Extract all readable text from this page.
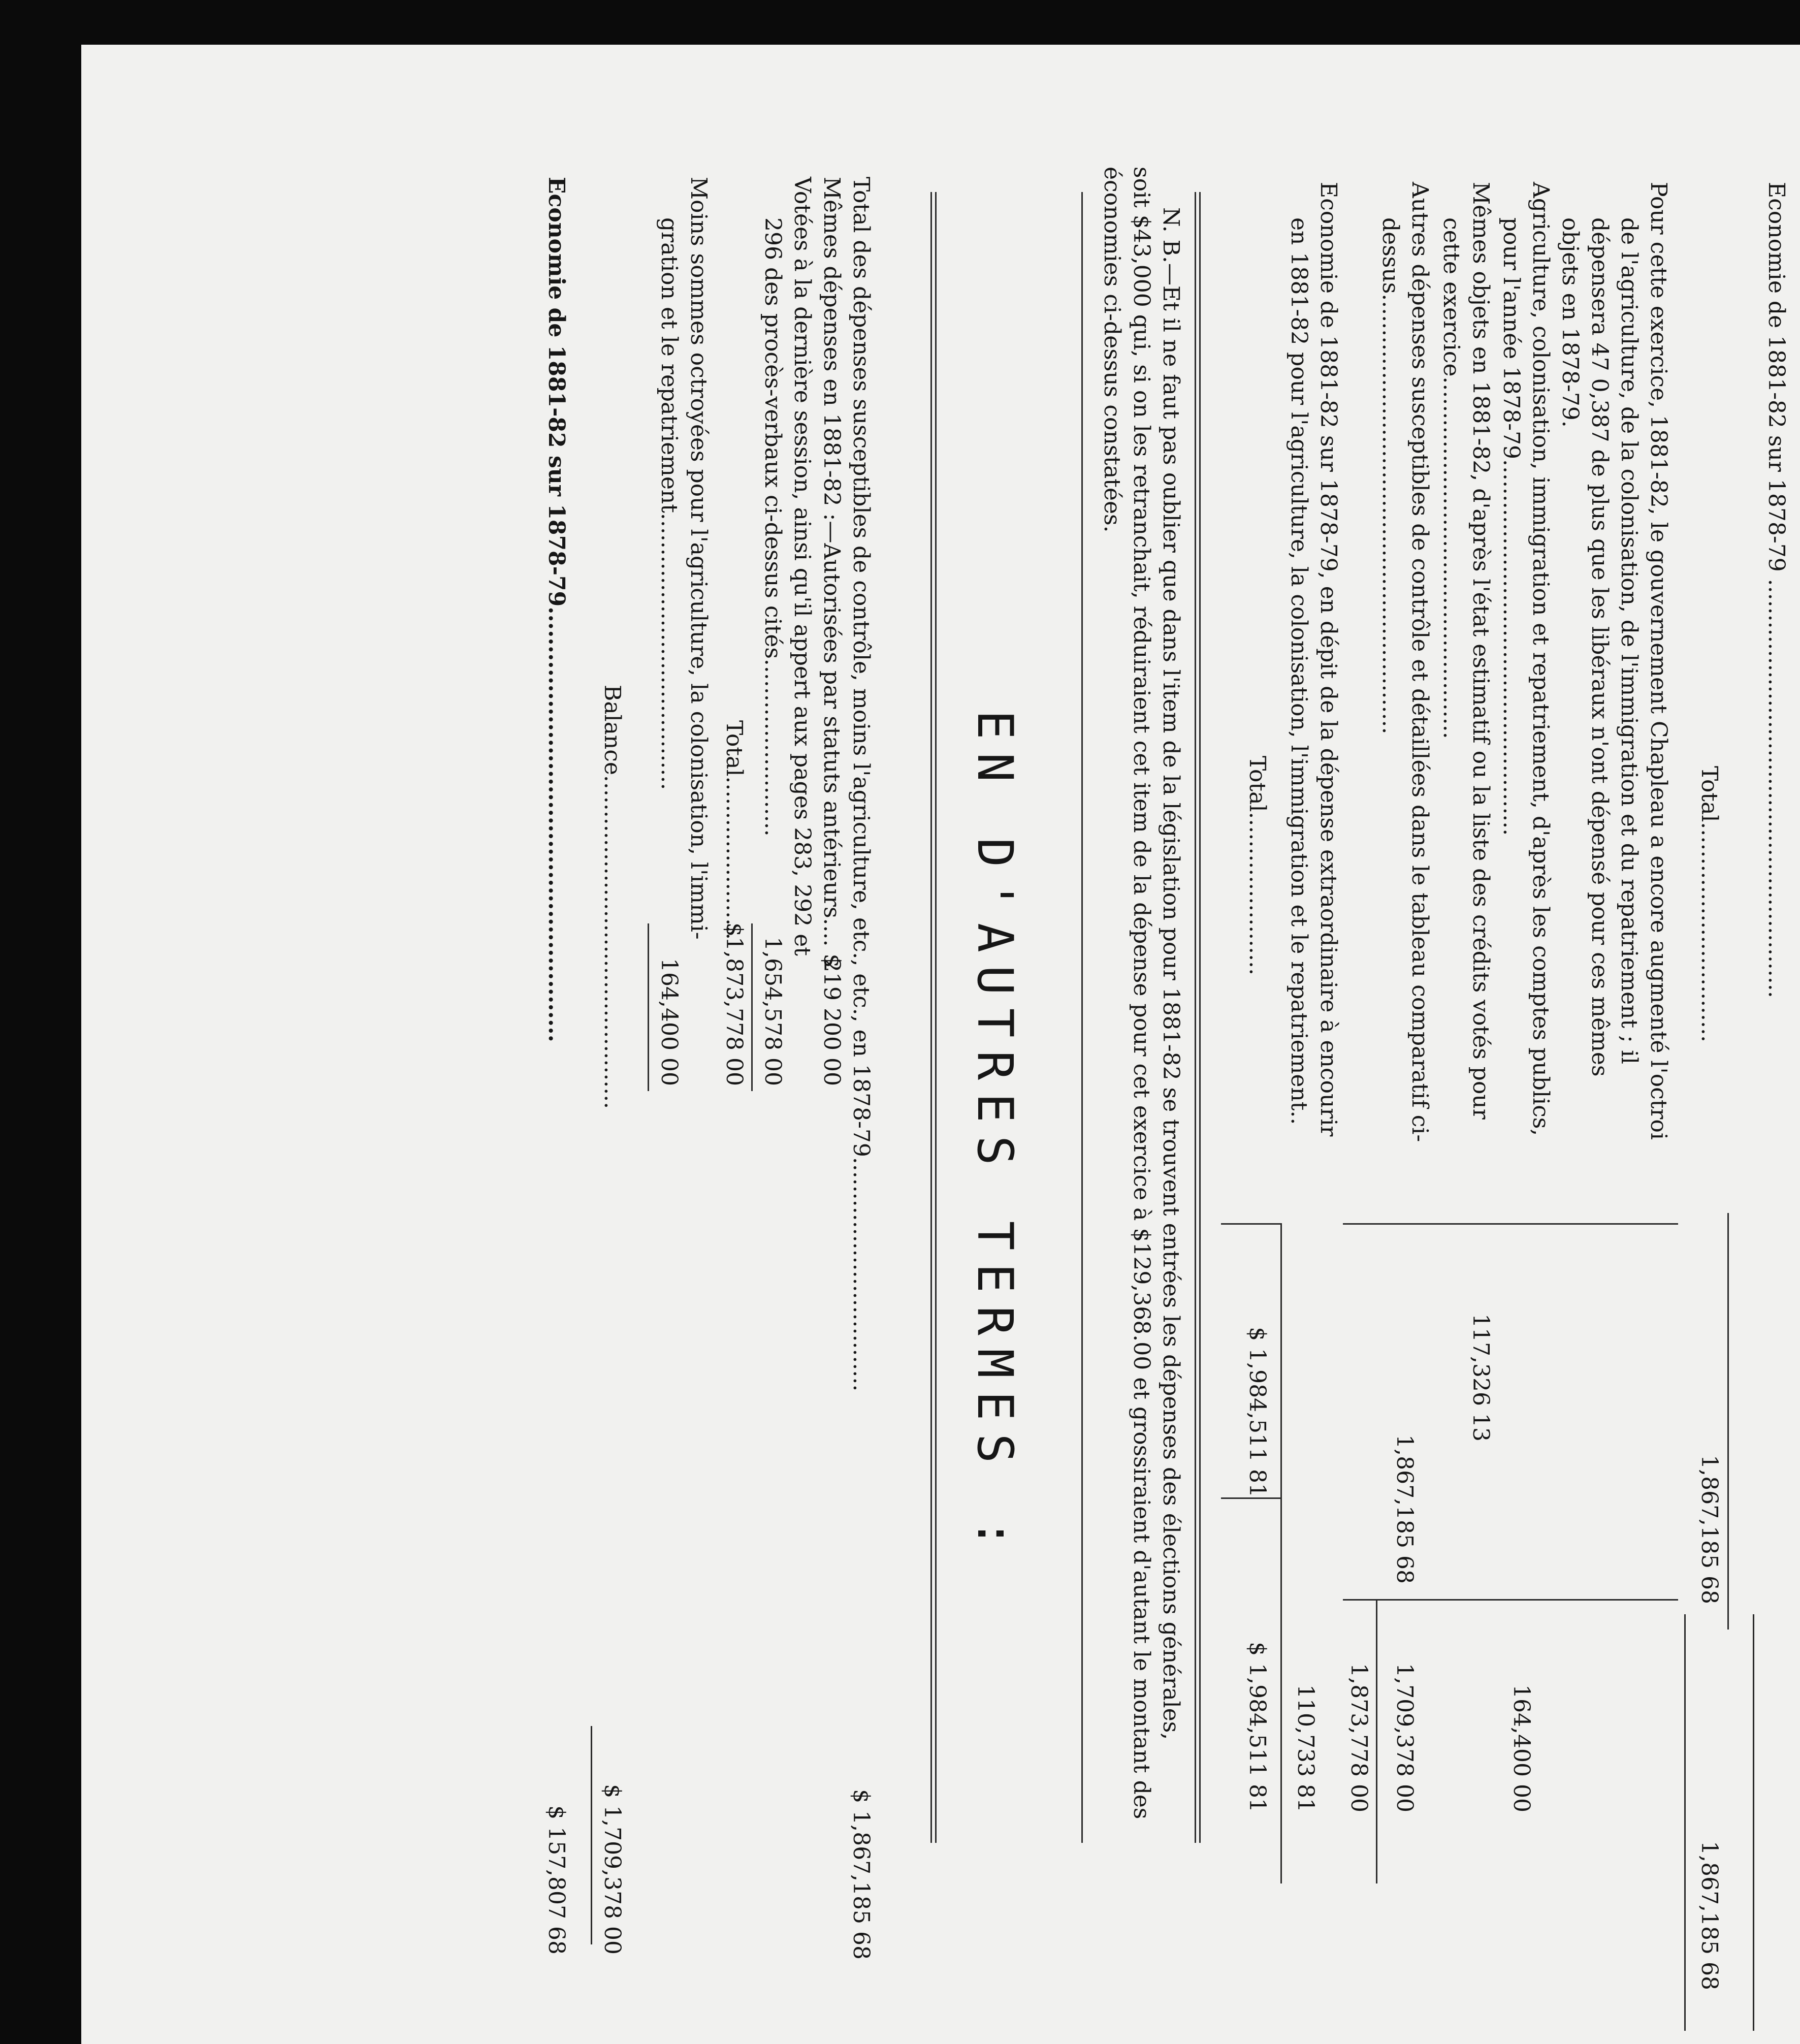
Economie de 1881-82 sur 1878-79 ...........................................................
Total...............................
1,867,185 68
1,867,185 68
Pour cette exercice, 1881-82, le gouvernement Chapleau a encore augmenté l'octroi
de l'agriculture, de la colonisation, de l'immigration et du repatriement ; il
dépensera 47 0,387 de plus que les libéraux n'ont dépensé pour ces mêmes
objets en 1878-79.
Agriculture, colonisation, immigration et repatriement, d'après les comptes publics,
pour l'année 1878-79.....................................................
164,400 00
Mêmes objets en 1881-82, d'après l'état estimatif ou la liste des crédits votés pour
cette exercice...................................................
117,326 13
Autres dépenses susceptibles de contrôle et détaillées dans le tableau comparatif ci-
dessus..............................................................
1,867,185 68
1,709,378 00
1,873,778 00
Economie de 1881-82 sur 1878-79, en dépit de la dépense extraordinaire à encourir
en 1881-82 pour l'agriculture, la colonisation, l'immigration et le repatriement..
110,733 81
Total.......................
$ 1,984,511 81
$ 1,984,511 81
N. B.—Et il ne faut pas oublier que dans l'item de la législation pour 1881-82 se trouvent entrées les dépenses des élections générales,
soit $43,000 qui, si on les retranchait, réduiraient cet item de la dépense pour cet exercice à $129,368.00 et grossiraient d'autant le montant des
économies ci-dessus constatées.
EN D'AUTRES TERMES :
Total des dépenses susceptibles de contrôle, moins l'agriculture, etc., etc., en 1878-79.................................
$ 1,867,185 68
Mêmes dépenses en 1881-82 :—Autorisées par statuts antérieurs.... $
219 200 00
Votées à la dernière session, ainsi qu'il appert aux pages 283, 292 et
296 des procès-verbaux ci-dessus cités.........................
1,654,578 00
Total.......................
$1,873,778 00
Moins sommes octroyées pour l'agriculture, la colonisation, l'immi-
gration et le repatriement.......................................
164,400 00
Balance...............................................
$ 1,709,378 00
Economie de 1881-82 sur 1878-79........................................................
$ 157,807 68
